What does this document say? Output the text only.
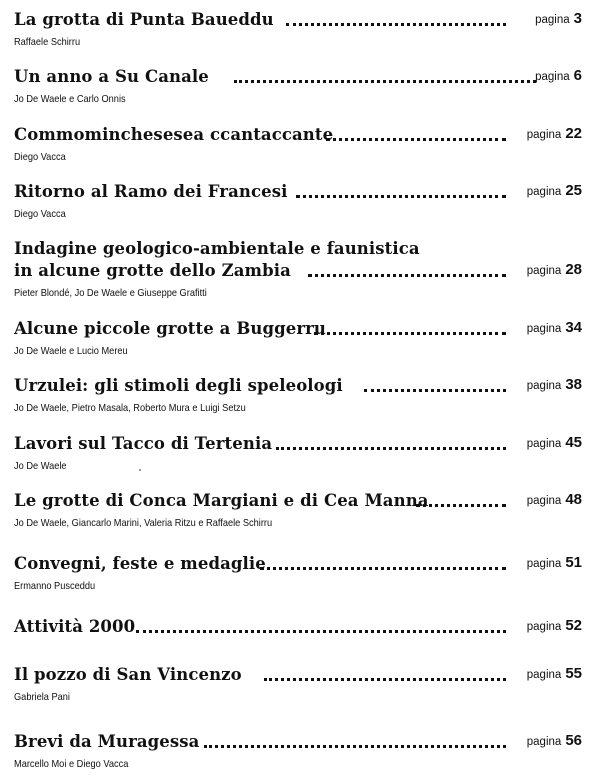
La grotta di Punta Baueddu	pagina 3
Raffaele Schirru
Un anno a Su Canale	pagina 6
Jo De Waele e Carlo Onnis
Commominchesesea ccantaccante	pagina 22
Diego Vacca
Ritorno al Ramo dei Francesi	pagina 25
Diego Vacca
Indagine geologico-ambientale e faunistica
in alcune grotte dello Zambia	pagina 28
Pieter Blondé, Jo De Waele e Giuseppe Grafitti
Alcune piccole grotte a Buggerru	pagina 34
Jo De Waele e Lucio Mereu
Urzulei: gli stimoli degli speleologi	pagina 38
Jo De Waele, Pietro Masala, Roberto Mura e Luigi Setzu
Lavori sul Tacco di Tertenia	pagina 45
Jo De Waele
Le grotte di Conca Margiani e di Cea Manna	pagina 48
Jo De Waele, Giancarlo Marini, Valeria Ritzu e Raffaele Schirru
Convegni, feste e medaglie	pagina 51
Ermanno Pusceddu
Attività 2000	pagina 52
Il pozzo di San Vincenzo	pagina 55
Gabriela Pani
Brevi da Muragessa	pagina 56
Marcello Moi e Diego Vacca
